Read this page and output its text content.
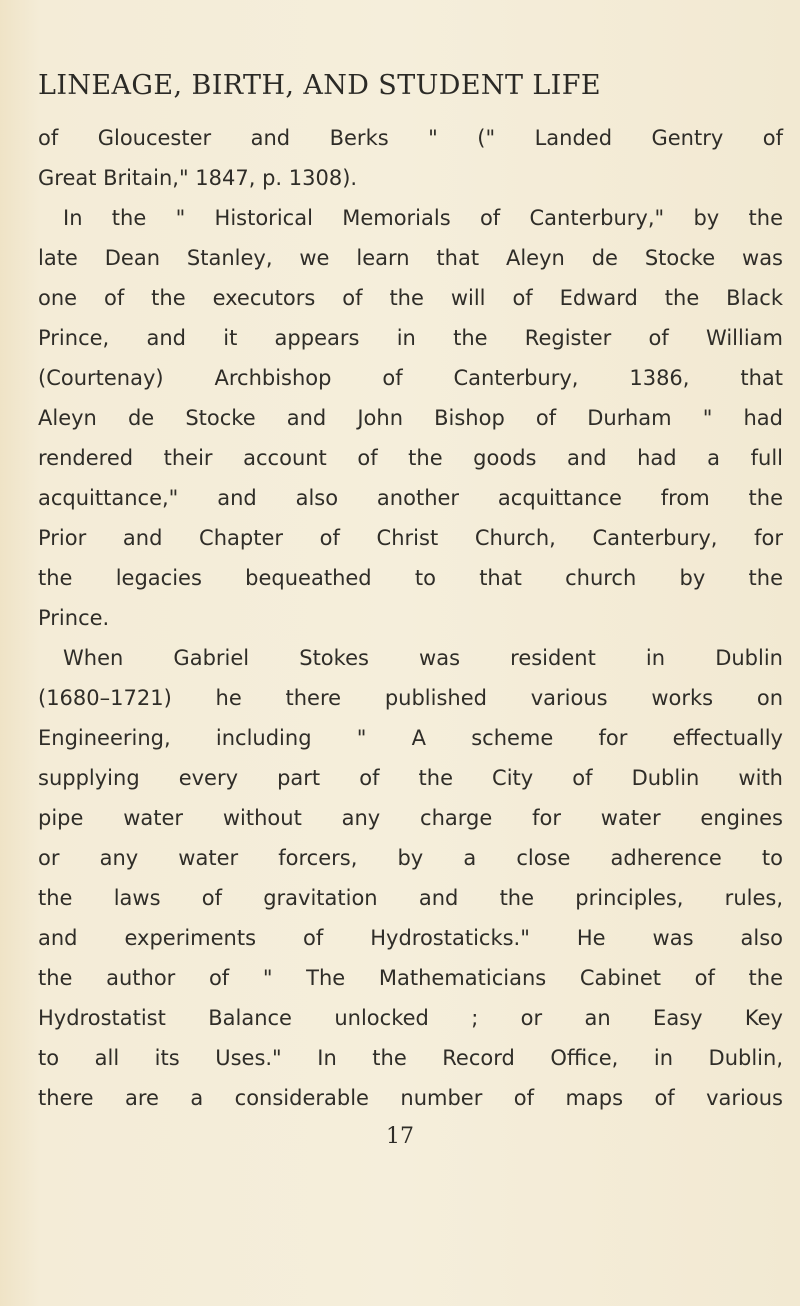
LINEAGE, BIRTH, AND STUDENT LIFE
of Gloucester and Berks " (" Landed Gentry of
Great Britain," 1847, p. 1308).
In the " Historical Memorials of Canterbury," by the
late Dean Stanley, we learn that Aleyn de Stocke was
one of the executors of the will of Edward the Black
Prince, and it appears in the Register of William
(Courtenay) Archbishop of Canterbury, 1386, that
Aleyn de Stocke and John Bishop of Durham " had
rendered their account of the goods and had a full
acquittance," and also another acquittance from the
Prior and Chapter of Christ Church, Canterbury, for
the legacies bequeathed to that church by the
Prince.
When Gabriel Stokes was resident in Dublin
(1680–1721) he there published various works on
Engineering, including " A scheme for effectually
supplying every part of the City of Dublin with
pipe water without any charge for water engines
or any water forcers, by a close adherence to
the laws of gravitation and the principles, rules,
and experiments of Hydrostaticks." He was also
the author of " The Mathematicians Cabinet of the
Hydrostatist Balance unlocked ; or an Easy Key
to all its Uses." In the Record Office, in Dublin,
there are a considerable number of maps of various
17
